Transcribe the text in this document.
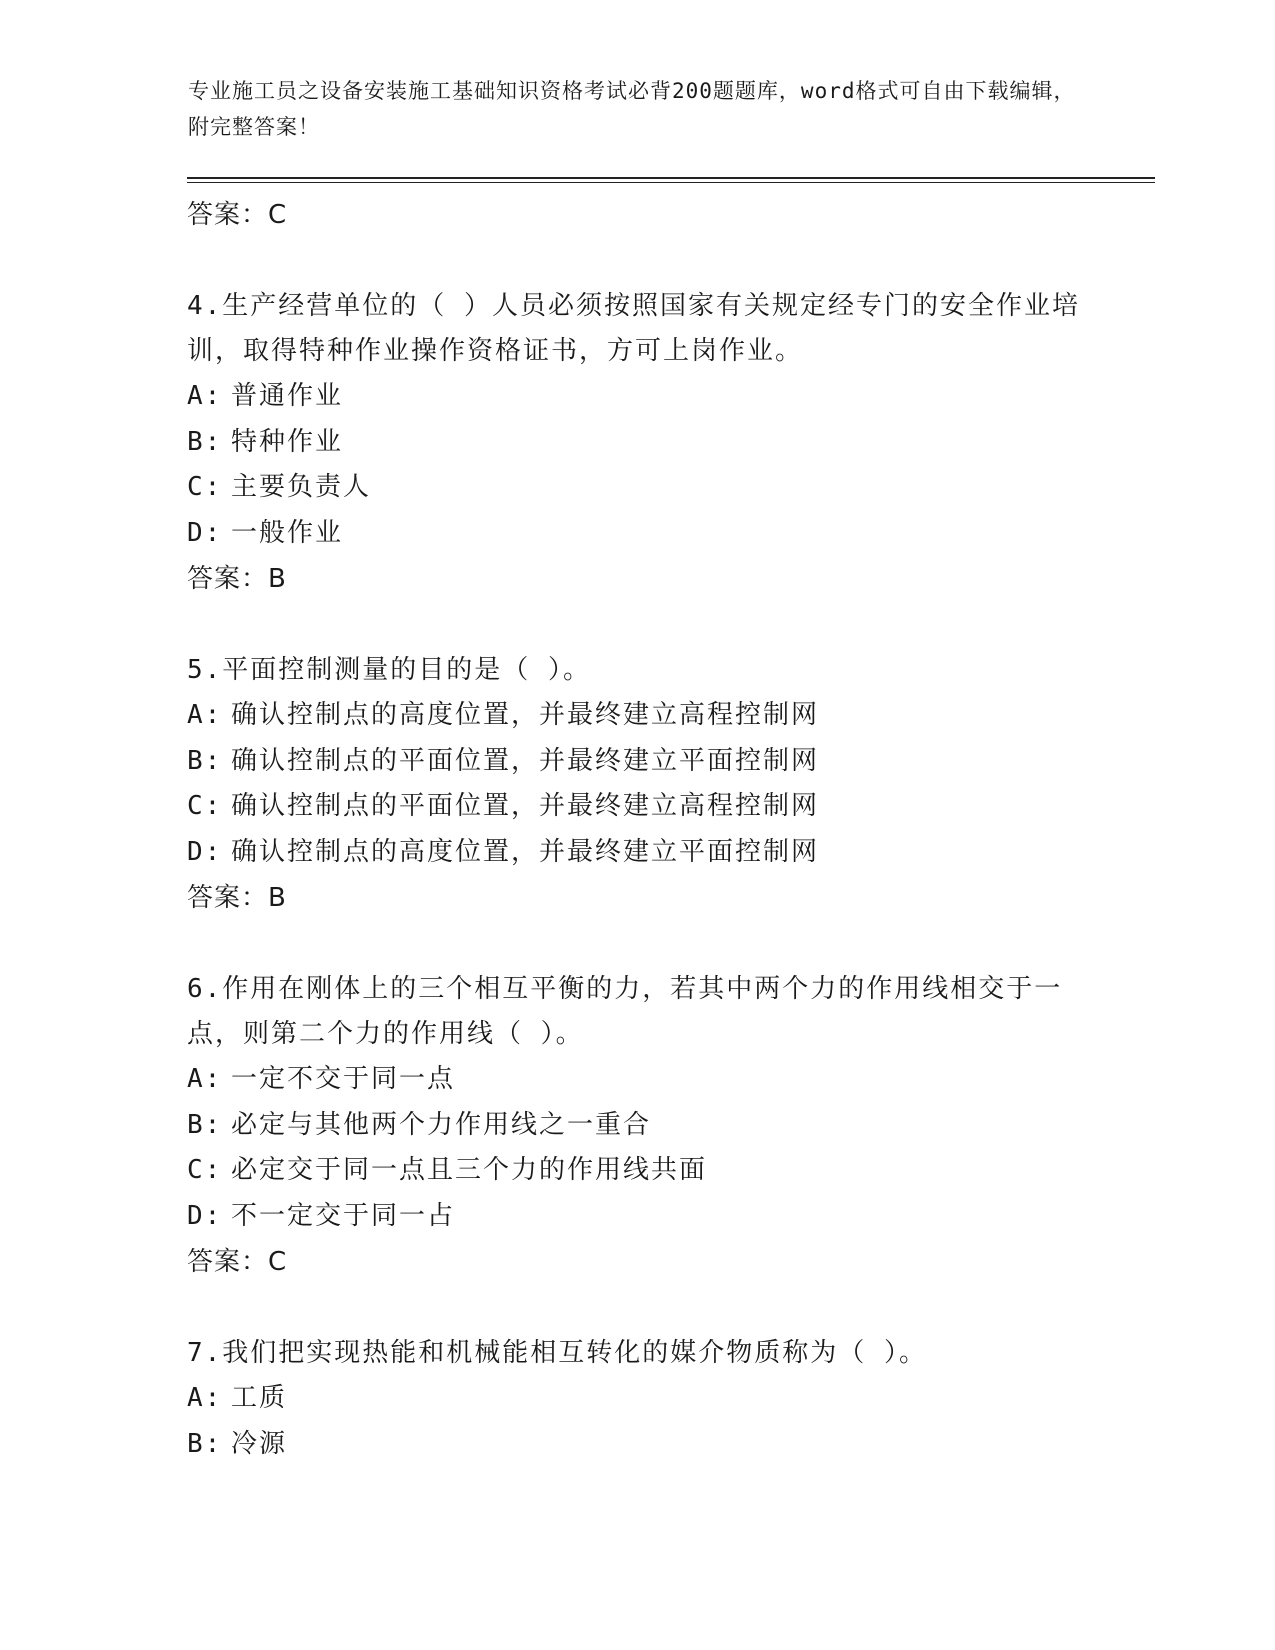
专业施工员之设备安装施工基础知识资格考试必背200题题库，word格式可自由下载编辑，附完整答案！
答案：C
4.生产经营单位的（ ）人员必须按照国家有关规定经专门的安全作业培训，取得特种作业操作资格证书，方可上岗作业。
A: 普通作业
B: 特种作业
C: 主要负责人
D: 一般作业
答案：B
5.平面控制测量的目的是（ ）。
A: 确认控制点的高度位置，并最终建立高程控制网
B: 确认控制点的平面位置，并最终建立平面控制网
C: 确认控制点的平面位置，并最终建立高程控制网
D: 确认控制点的高度位置，并最终建立平面控制网
答案：B
6.作用在刚体上的三个相互平衡的力，若其中两个力的作用线相交于一点，则第二个力的作用线（ ）。
A: 一定不交于同一点
B: 必定与其他两个力作用线之一重合
C: 必定交于同一点且三个力的作用线共面
D: 不一定交于同一占
答案：C
7.我们把实现热能和机械能相互转化的媒介物质称为（ ）。
A: 工质
B: 冷源
